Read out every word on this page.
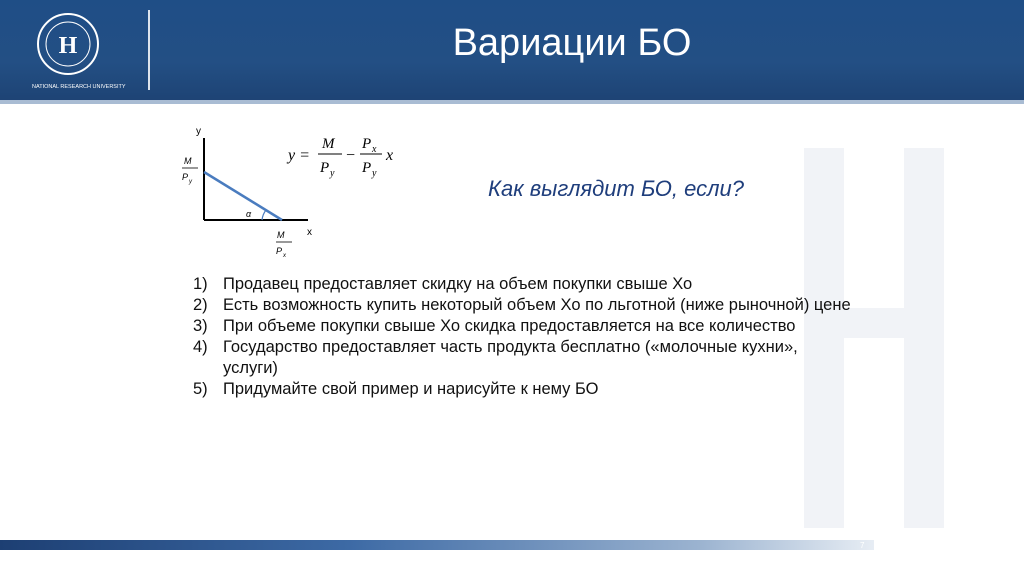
Н
NATIONAL RESEARCH UNIVERSITY
Вариации БО
y
x
α
M
P y
M
P x
y =
M
P y
−
P x
P y
x
Как выглядит БО, если?
1) Продавец предоставляет скидку на объем покупки свыше Хо
2) Есть возможность купить некоторый объем Хо по льготной (ниже рыночной) цене
3) При объеме покупки свыше Хо скидка предоставляется на все количество
4) Государство предоставляет часть продукта бесплатно («молочные кухни», услуги)
5) Придумайте свой пример и нарисуйте к нему БО
7
